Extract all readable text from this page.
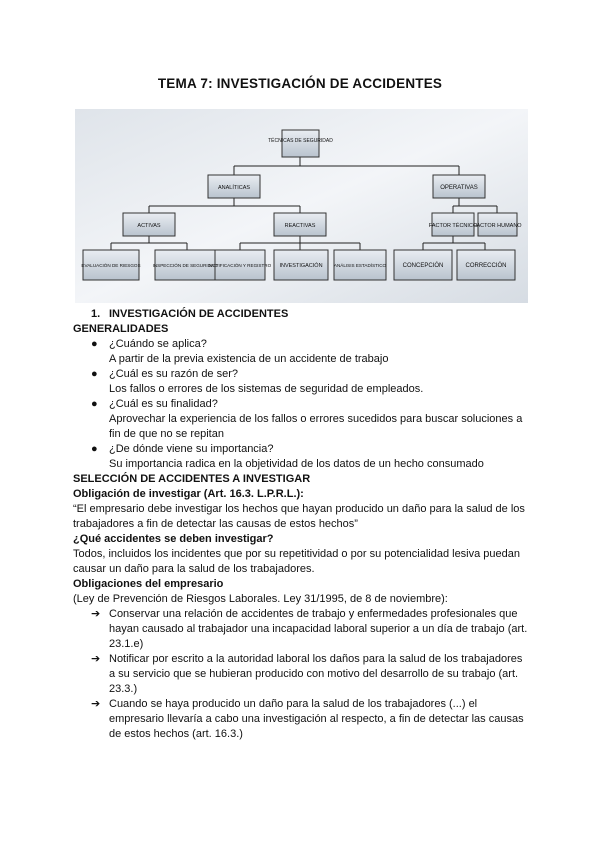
TEMA 7: INVESTIGACIÓN DE ACCIDENTES
TÉCNICAS DE SEGURIDAD
ANALÍTICAS	OPERATIVAS
ACTIVAS	REACTIVAS	FACTOR TÉCNICO
FACTOR HUMANO
EVALUACIÓN DE RIESGOS	INSPECCIÓN DE SEGURIDAD
NOTIFICACIÓN Y REGISTRO INVESTIGACIÓN ANÁLISIS ESTADÍSTICO	CONCEPCIÓN	CORRECCIÓN

1. INVESTIGACIÓN DE ACCIDENTES

GENERALIDADES

● ¿Cuándo se aplica?
A partir de la previa existencia de un accidente de trabajo
● ¿Cuál es su razón de ser?
Los fallos o errores de los sistemas de seguridad de empleados.
● ¿Cuál es su finalidad?
Aprovechar la experiencia de los fallos o errores sucedidos para buscar soluciones a fin de que no se repitan
● ¿De dónde viene su importancia?
Su importancia radica en la objetividad de los datos de un hecho consumado

SELECCIÓN DE ACCIDENTES A INVESTIGAR

Obligación de investigar (Art. 16.3. L.P.R.L.):

“El empresario debe investigar los hechos que hayan producido un daño para la salud de los trabajadores a fin de detectar las causas de estos hechos”

¿Qué accidentes se deben investigar?

Todos, incluidos los incidentes que por su repetitividad o por su potencialidad lesiva puedan causar un daño para la salud de los trabajadores.

Obligaciones del empresario

(Ley de Prevención de Riesgos Laborales. Ley 31/1995, de 8 de noviembre):

➔ Conservar una relación de accidentes de trabajo y enfermedades profesionales que hayan causado al trabajador una incapacidad laboral superior a un día de trabajo (art. 23.1.e)
➔ Notificar por escrito a la autoridad laboral los daños para la salud de los trabajadores a su servicio que se hubieran producido con motivo del desarrollo de su trabajo (art. 23.3.)
➔ Cuando se haya producido un daño para la salud de los trabajadores (...) el empresario llevaría a cabo una investigación al respecto, a fin de detectar las causas de estos hechos (art. 16.3.)
